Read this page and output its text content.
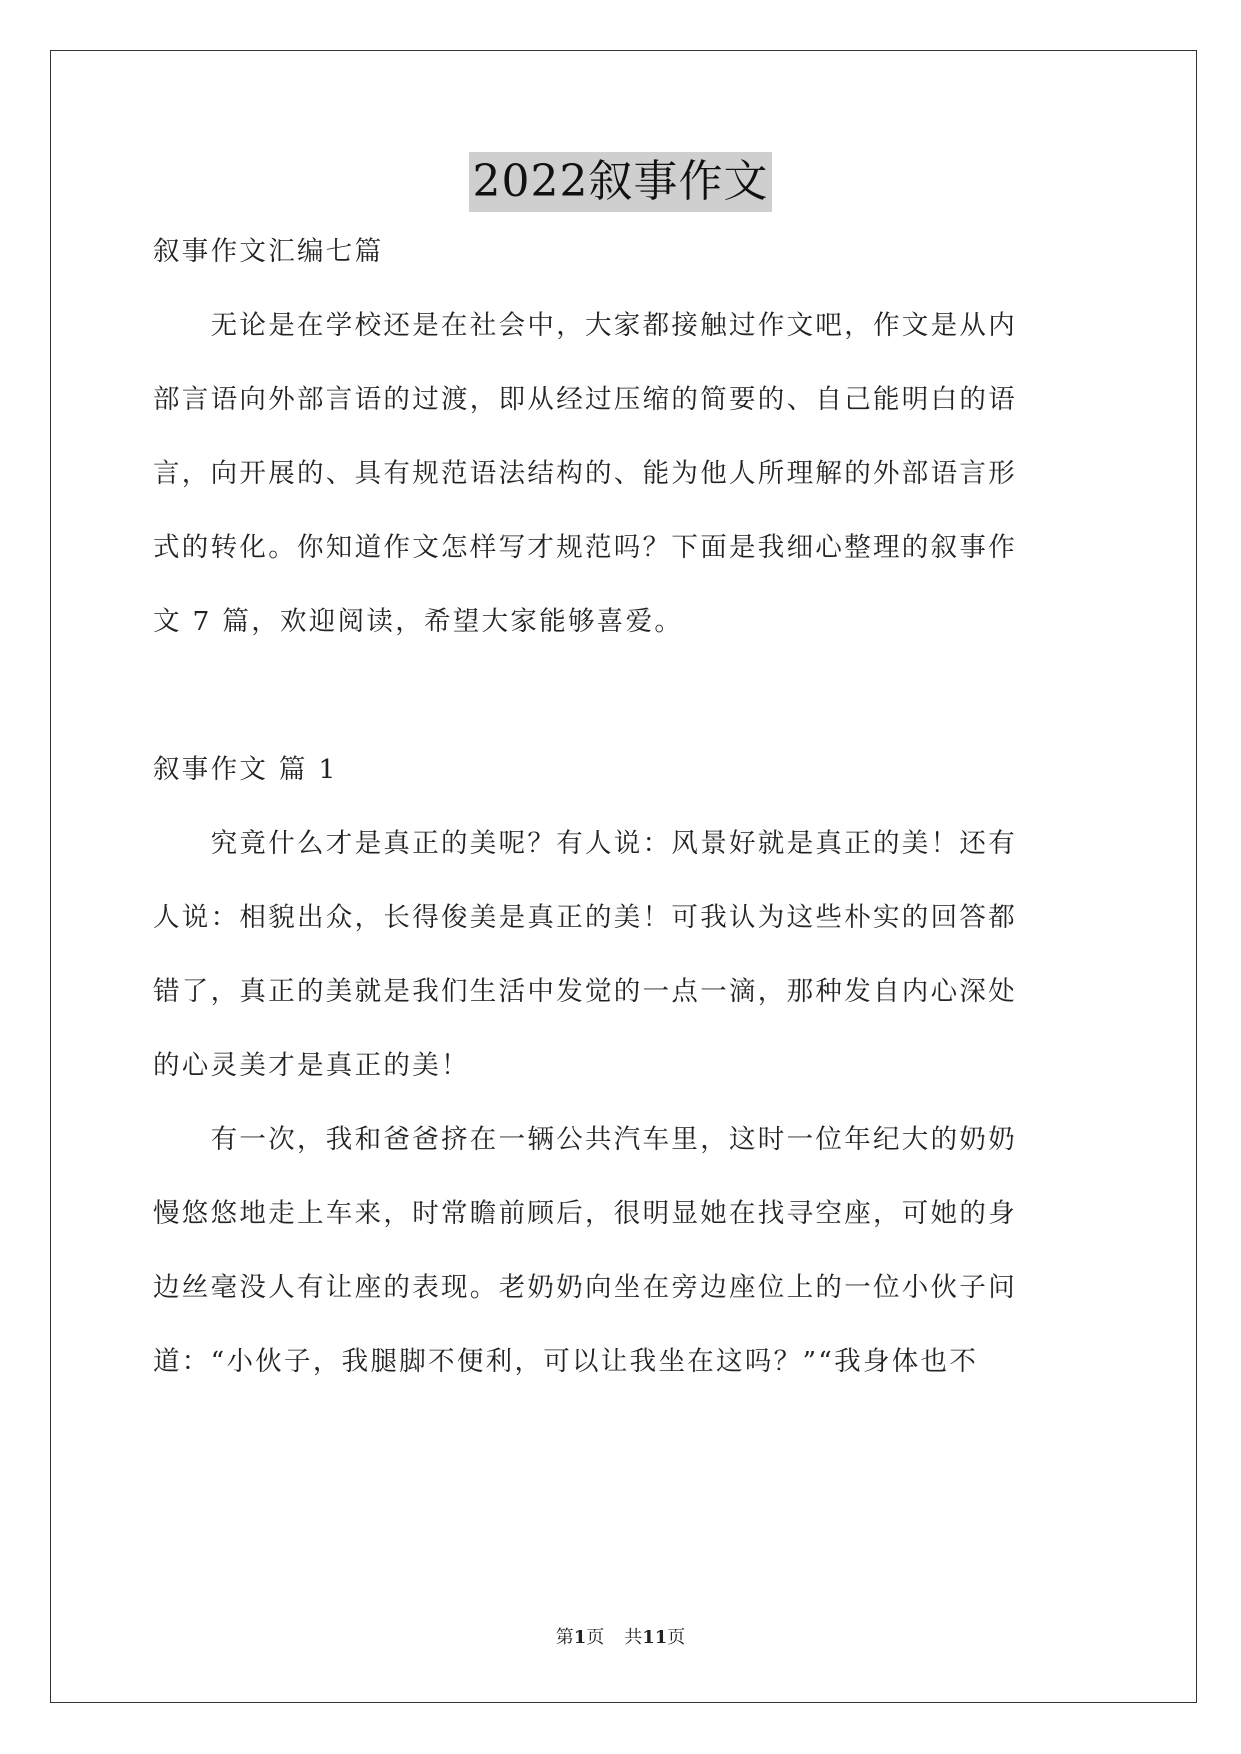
2022叙事作文

叙事作文汇编七篇

　　无论是在学校还是在社会中，大家都接触过作文吧，作文是从内

部言语向外部言语的过渡，即从经过压缩的简要的、自己能明白的语

言，向开展的、具有规范语法结构的、能为他人所理解的外部语言形

式的转化。你知道作文怎样写才规范吗？下面是我细心整理的叙事作

文 7 篇，欢迎阅读，希望大家能够喜爱。

叙事作文 篇 1

　　究竟什么才是真正的美呢？有人说：风景好就是真正的美！还有

人说：相貌出众，长得俊美是真正的美！可我认为这些朴实的回答都

错了，真正的美就是我们生活中发觉的一点一滴，那种发自内心深处

的心灵美才是真正的美！

　　有一次，我和爸爸挤在一辆公共汽车里，这时一位年纪大的奶奶

慢悠悠地走上车来，时常瞻前顾后，很明显她在找寻空座，可她的身

边丝毫没人有让座的表现。老奶奶向坐在旁边座位上的一位小伙子问

道：“小伙子，我腿脚不便利，可以让我坐在这吗？”“我身体也不

第1页 共11页
